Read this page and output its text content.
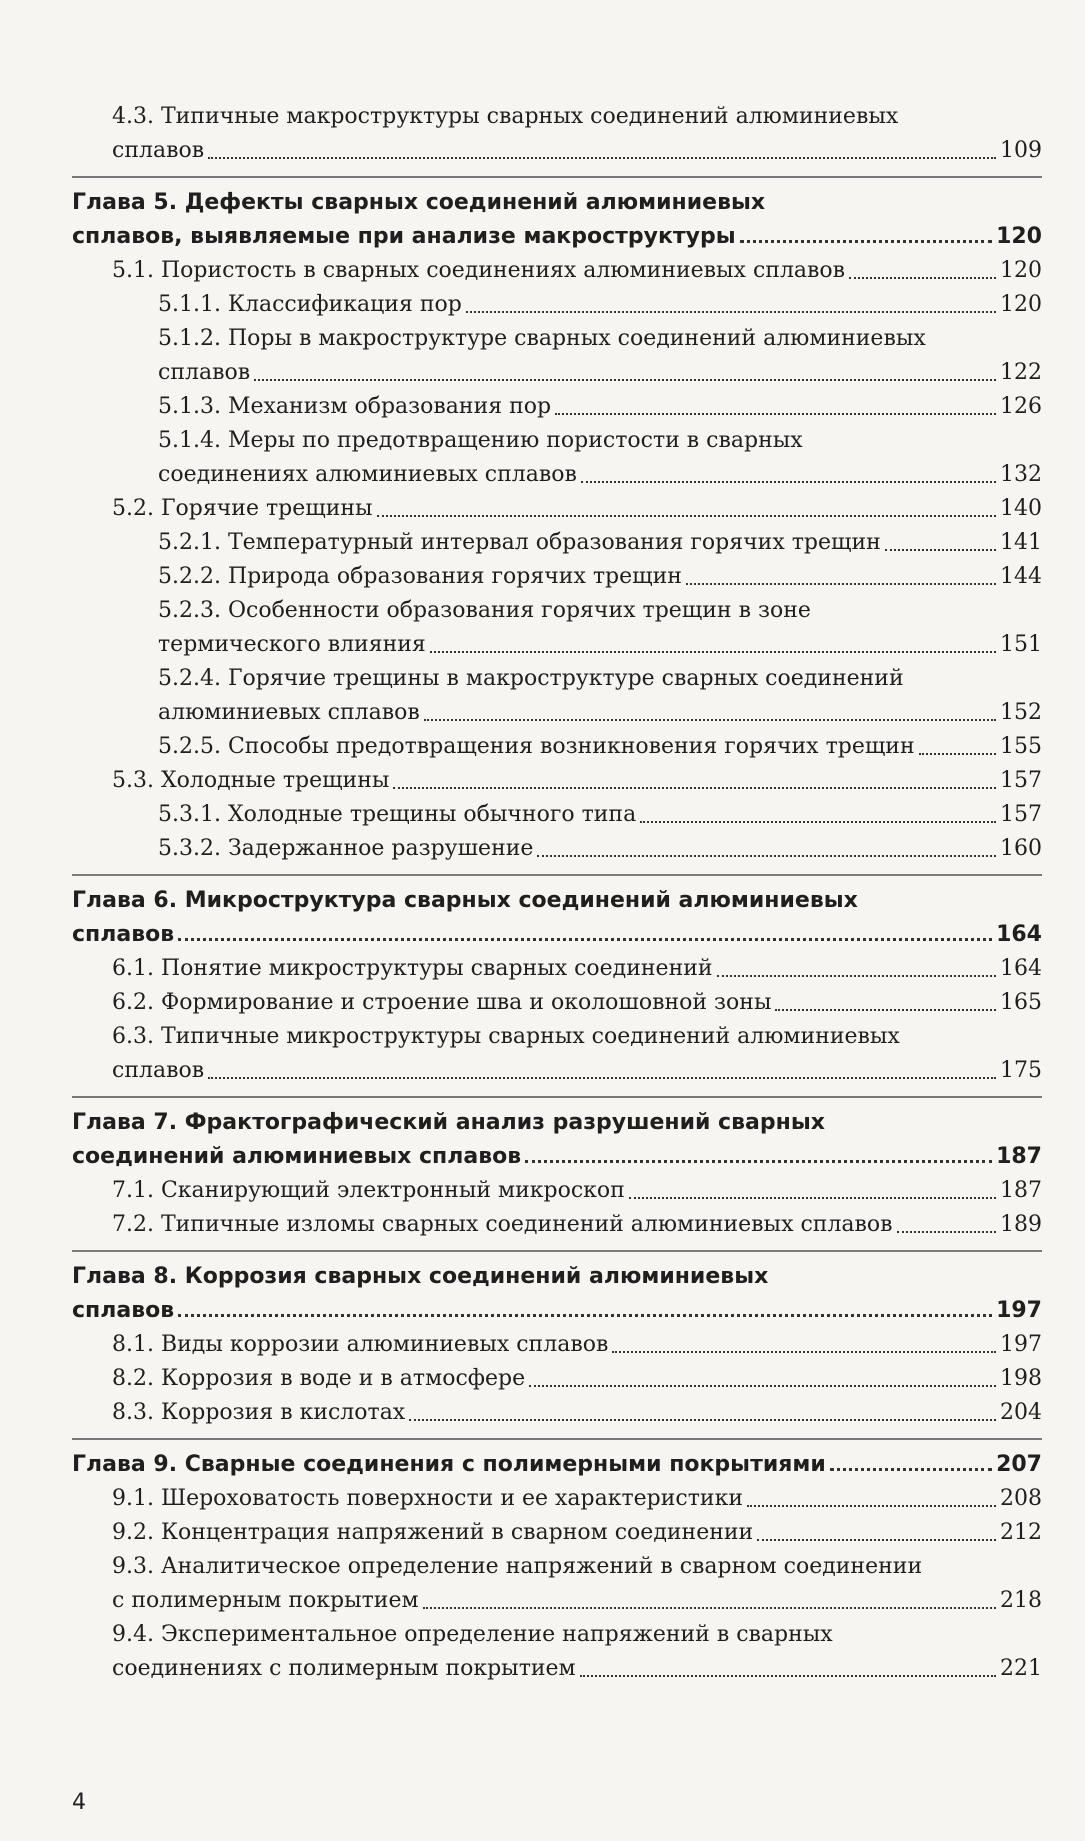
4.3. Типичные макроструктуры сварных соединений алюминиевых
сплавов	109
Глава 5. Дефекты сварных соединений алюминиевых
сплавов, выявляемые при анализе макроструктуры	120
5.1. Пористость в сварных соединениях алюминиевых сплавов	120
5.1.1. Классификация пор	120
5.1.2. Поры в макроструктуре сварных соединений алюминиевых
сплавов	122
5.1.3. Механизм образования пор	126
5.1.4. Меры по предотвращению пористости в сварных
соединениях алюминиевых сплавов	132
5.2. Горячие трещины	140
5.2.1. Температурный интервал образования горячих трещин	141
5.2.2. Природа образования горячих трещин	144
5.2.3. Особенности образования горячих трещин в зоне
термического влияния	151
5.2.4. Горячие трещины в макроструктуре сварных соединений
алюминиевых сплавов	152
5.2.5. Способы предотвращения возникновения горячих трещин	155
5.3. Холодные трещины	157
5.3.1. Холодные трещины обычного типа	157
5.3.2. Задержанное разрушение	160
Глава 6. Микроструктура сварных соединений алюминиевых
сплавов	164
6.1. Понятие микроструктуры сварных соединений	164
6.2. Формирование и строение шва и околошовной зоны	165
6.3. Типичные микроструктуры сварных соединений алюминиевых
сплавов	175
Глава 7. Фрактографический анализ разрушений сварных
соединений алюминиевых сплавов	187
7.1. Сканирующий электронный микроскоп	187
7.2. Типичные изломы сварных соединений алюминиевых сплавов	189
Глава 8. Коррозия сварных соединений алюминиевых
сплавов	197
8.1. Виды коррозии алюминиевых сплавов	197
8.2. Коррозия в воде и в атмосфере	198
8.3. Коррозия в кислотах	204
Глава 9. Сварные соединения с полимерными покрытиями	207
9.1. Шероховатость поверхности и ее характеристики	208
9.2. Концентрация напряжений в сварном соединении	212
9.3. Аналитическое определение напряжений в сварном соединении
с полимерным покрытием	218
9.4. Экспериментальное определение напряжений в сварных
соединениях с полимерным покрытием	221
4
